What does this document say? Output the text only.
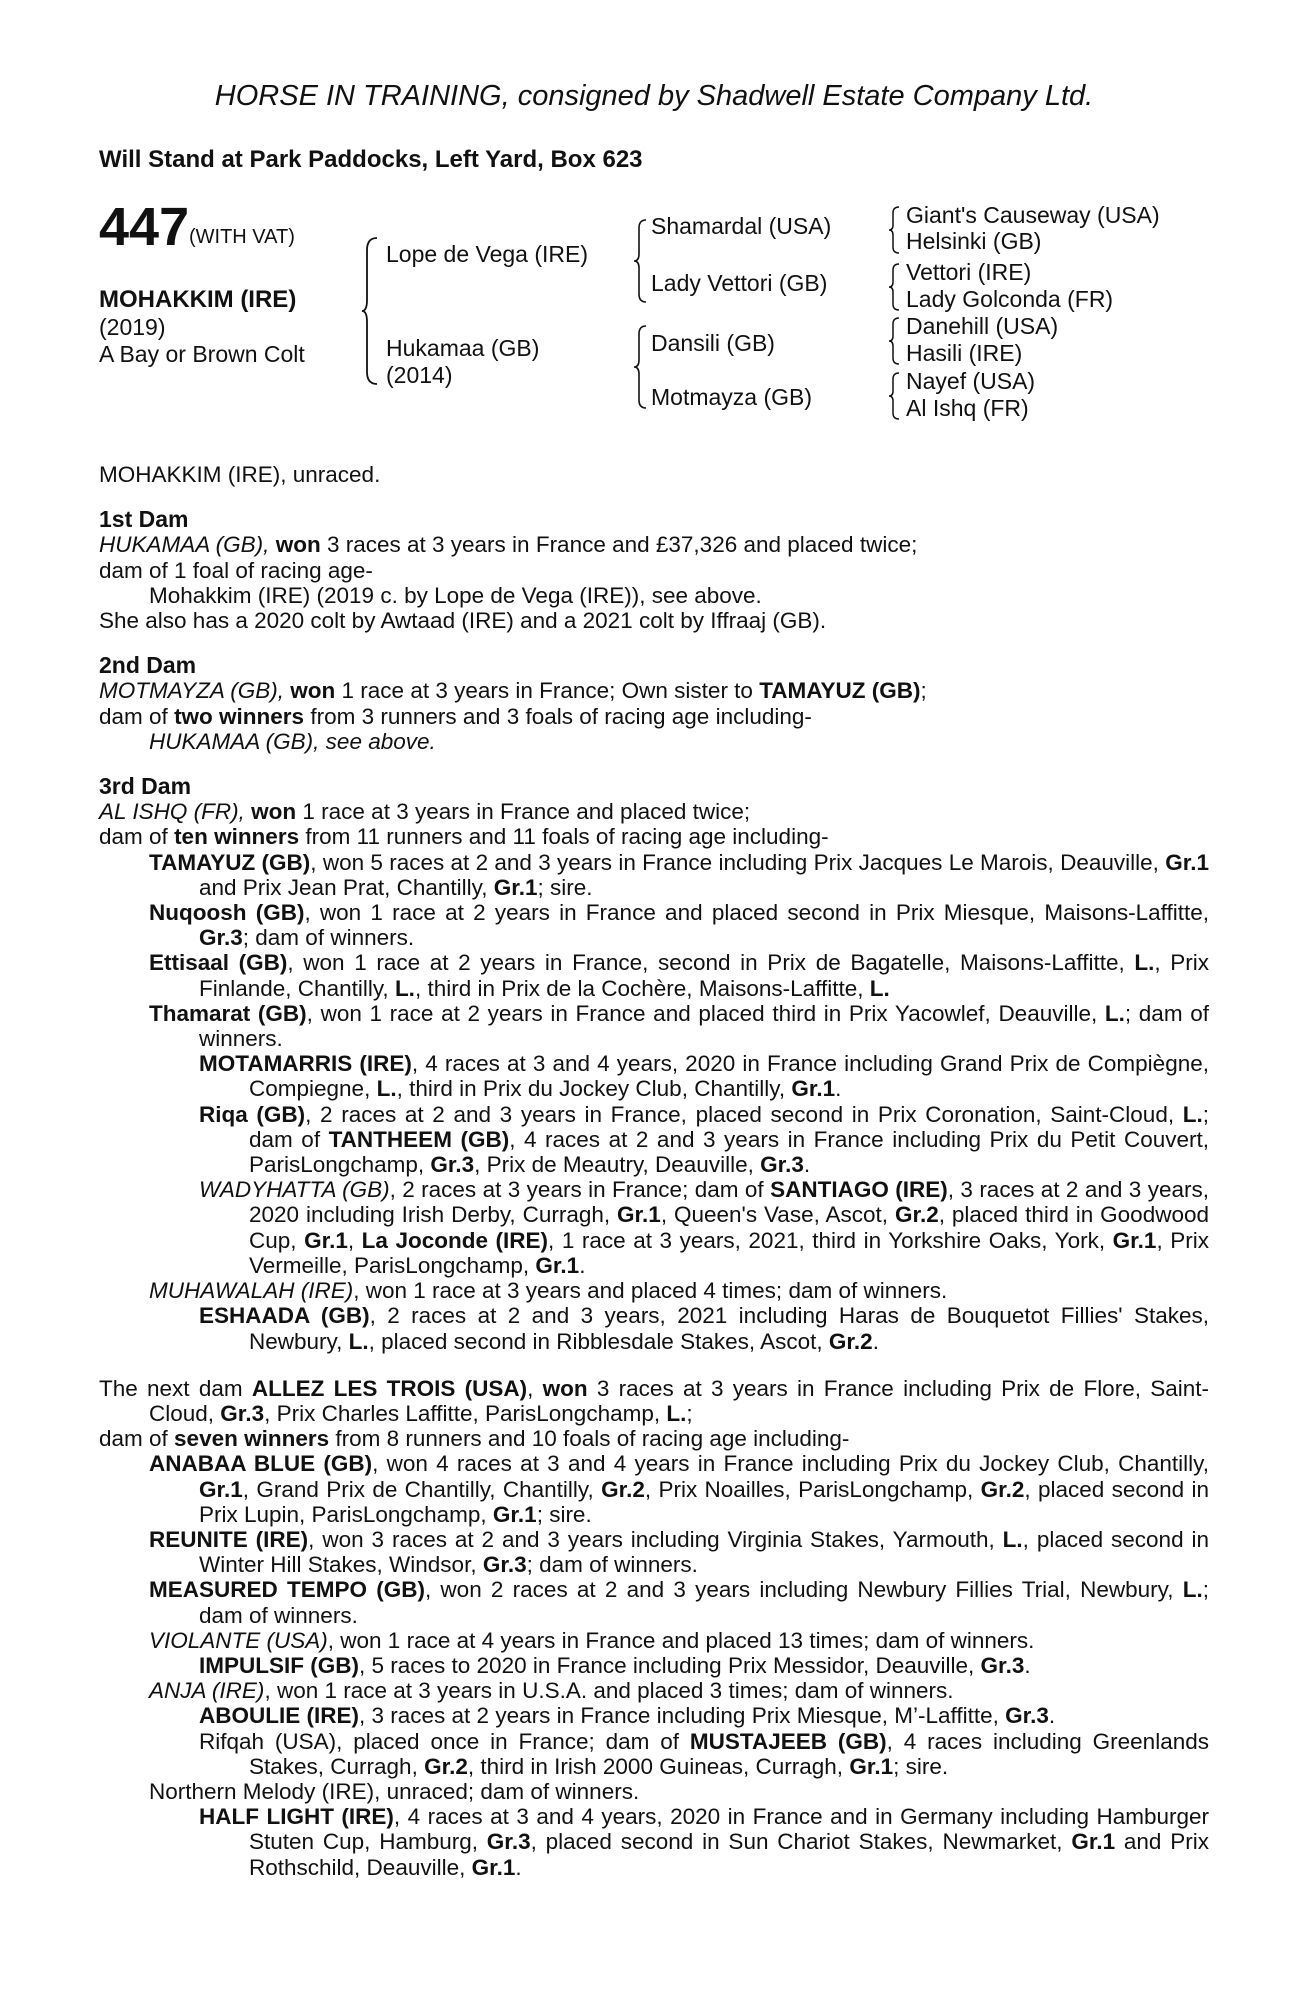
HORSE IN TRAINING, consigned by Shadwell Estate Company Ltd.
Will Stand at Park Paddocks, Left Yard, Box 623
447 (WITH VAT)
MOHAKKIM (IRE)
(2019)
A Bay or Brown Colt
Lope de Vega (IRE)
Hukamaa (GB)
(2014)
Shamardal (USA)
Lady Vettori (GB)
Dansili (GB)
Motmayza (GB)
Giant's Causeway (USA)
Helsinki (GB)
Vettori (IRE)
Lady Golconda (FR)
Danehill (USA)
Hasili (IRE)
Nayef (USA)
Al Ishq (FR)

MOHAKKIM (IRE), unraced.

1st Dam

HUKAMAA (GB), won 3 races at 3 years in France and £37,326 and placed twice;

dam of 1 foal of racing age-

Mohakkim (IRE) (2019 c. by Lope de Vega (IRE)), see above.

She also has a 2020 colt by Awtaad (IRE) and a 2021 colt by Iffraaj (GB).

2nd Dam

MOTMAYZA (GB), won 1 race at 3 years in France; Own sister to TAMAYUZ (GB);

dam of two winners from 3 runners and 3 foals of racing age including-

HUKAMAA (GB), see above.

3rd Dam

AL ISHQ (FR), won 1 race at 3 years in France and placed twice;

dam of ten winners from 11 runners and 11 foals of racing age including-

TAMAYUZ (GB), won 5 races at 2 and 3 years in France including Prix Jacques Le Marois, Deauville, Gr.1 and Prix Jean Prat, Chantilly, Gr.1; sire.

Nuqoosh (GB), won 1 race at 2 years in France and placed second in Prix Miesque, Maisons-Laffitte, Gr.3; dam of winners.

Ettisaal (GB), won 1 race at 2 years in France, second in Prix de Bagatelle, Maisons-Laffitte, L., Prix Finlande, Chantilly, L., third in Prix de la Cochère, Maisons-Laffitte, L.

Thamarat (GB), won 1 race at 2 years in France and placed third in Prix Yacowlef, Deauville, L.; dam of winners.

MOTAMARRIS (IRE), 4 races at 3 and 4 years, 2020 in France including Grand Prix de Compiègne, Compiegne, L., third in Prix du Jockey Club, Chantilly, Gr.1.

Riqa (GB), 2 races at 2 and 3 years in France, placed second in Prix Coronation, Saint-Cloud, L.; dam of TANTHEEM (GB), 4 races at 2 and 3 years in France including Prix du Petit Couvert, ParisLongchamp, Gr.3, Prix de Meautry, Deauville, Gr.3.

WADYHATTA (GB), 2 races at 3 years in France; dam of SANTIAGO (IRE), 3 races at 2 and 3 years, 2020 including Irish Derby, Curragh, Gr.1, Queen's Vase, Ascot, Gr.2, placed third in Goodwood Cup, Gr.1, La Joconde (IRE), 1 race at 3 years, 2021, third in Yorkshire Oaks, York, Gr.1, Prix Vermeille, ParisLongchamp, Gr.1.

MUHAWALAH (IRE), won 1 race at 3 years and placed 4 times; dam of winners.

ESHAADA (GB), 2 races at 2 and 3 years, 2021 including Haras de Bouquetot Fillies' Stakes, Newbury, L., placed second in Ribblesdale Stakes, Ascot, Gr.2.

The next dam ALLEZ LES TROIS (USA), won 3 races at 3 years in France including Prix de Flore, Saint-Cloud, Gr.3, Prix Charles Laffitte, ParisLongchamp, L.;

dam of seven winners from 8 runners and 10 foals of racing age including-

ANABAA BLUE (GB), won 4 races at 3 and 4 years in France including Prix du Jockey Club, Chantilly, Gr.1, Grand Prix de Chantilly, Chantilly, Gr.2, Prix Noailles, ParisLongchamp, Gr.2, placed second in Prix Lupin, ParisLongchamp, Gr.1; sire.

REUNITE (IRE), won 3 races at 2 and 3 years including Virginia Stakes, Yarmouth, L., placed second in Winter Hill Stakes, Windsor, Gr.3; dam of winners.

MEASURED TEMPO (GB), won 2 races at 2 and 3 years including Newbury Fillies Trial, Newbury, L.; dam of winners.

VIOLANTE (USA), won 1 race at 4 years in France and placed 13 times; dam of winners.

IMPULSIF (GB), 5 races to 2020 in France including Prix Messidor, Deauville, Gr.3.

ANJA (IRE), won 1 race at 3 years in U.S.A. and placed 3 times; dam of winners.

ABOULIE (IRE), 3 races at 2 years in France including Prix Miesque, M’-Laffitte, Gr.3.

Rifqah (USA), placed once in France; dam of MUSTAJEEB (GB), 4 races including Greenlands Stakes, Curragh, Gr.2, third in Irish 2000 Guineas, Curragh, Gr.1; sire.

Northern Melody (IRE), unraced; dam of winners.

HALF LIGHT (IRE), 4 races at 3 and 4 years, 2020 in France and in Germany including Hamburger Stuten Cup, Hamburg, Gr.3, placed second in Sun Chariot Stakes, Newmarket, Gr.1 and Prix Rothschild, Deauville, Gr.1.
